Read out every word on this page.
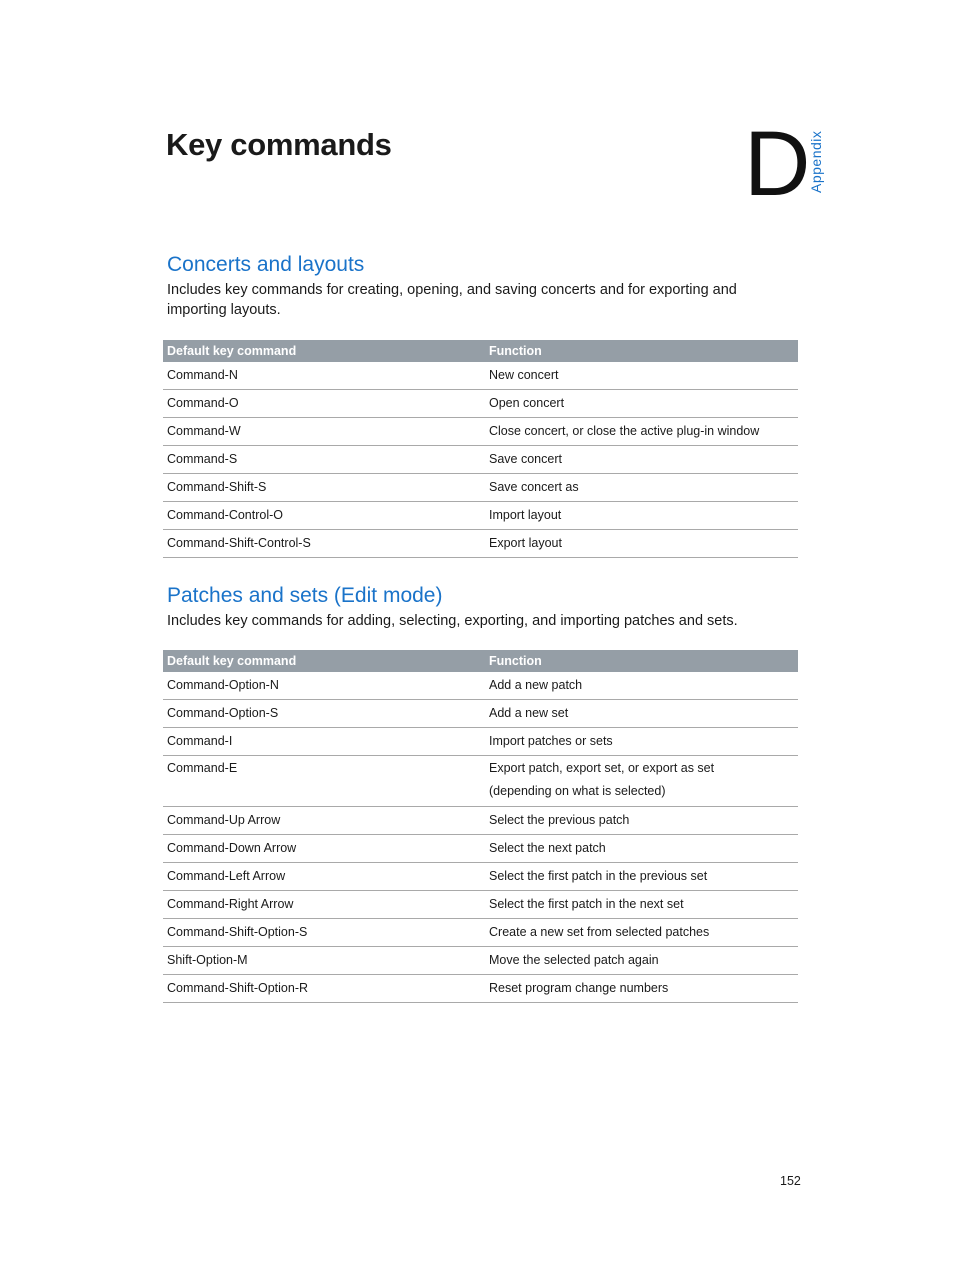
Key commands	D
Appendix
Concerts and layouts

Includes key commands for creating, opening, and saving concerts and for exporting and importing layouts.

Default key command	Function
Command-N	New concert
Command-O	Open concert
Command-W	Close concert, or close the active plug-in window
Command-S	Save concert
Command-Shift-S	Save concert as
Command-Control-O	Import layout
Command-Shift-Control-S	Export layout
Patches and sets (Edit mode)

Includes key commands for adding, selecting, exporting, and importing patches and sets.

Default key command	Function
Command-Option-N	Add a new patch
Command-Option-S	Add a new set
Command-I	Import patches or sets
Command-E	Export patch, export set, or export as set
(depending on what is selected)
Command-Up Arrow	Select the previous patch
Command-Down Arrow	Select the next patch
Command-Left Arrow	Select the first patch in the previous set
Command-Right Arrow	Select the first patch in the next set
Command-Shift-Option-S	Create a new set from selected patches
Shift-Option-M	Move the selected patch again
Command-Shift-Option-R	Reset program change numbers
152
